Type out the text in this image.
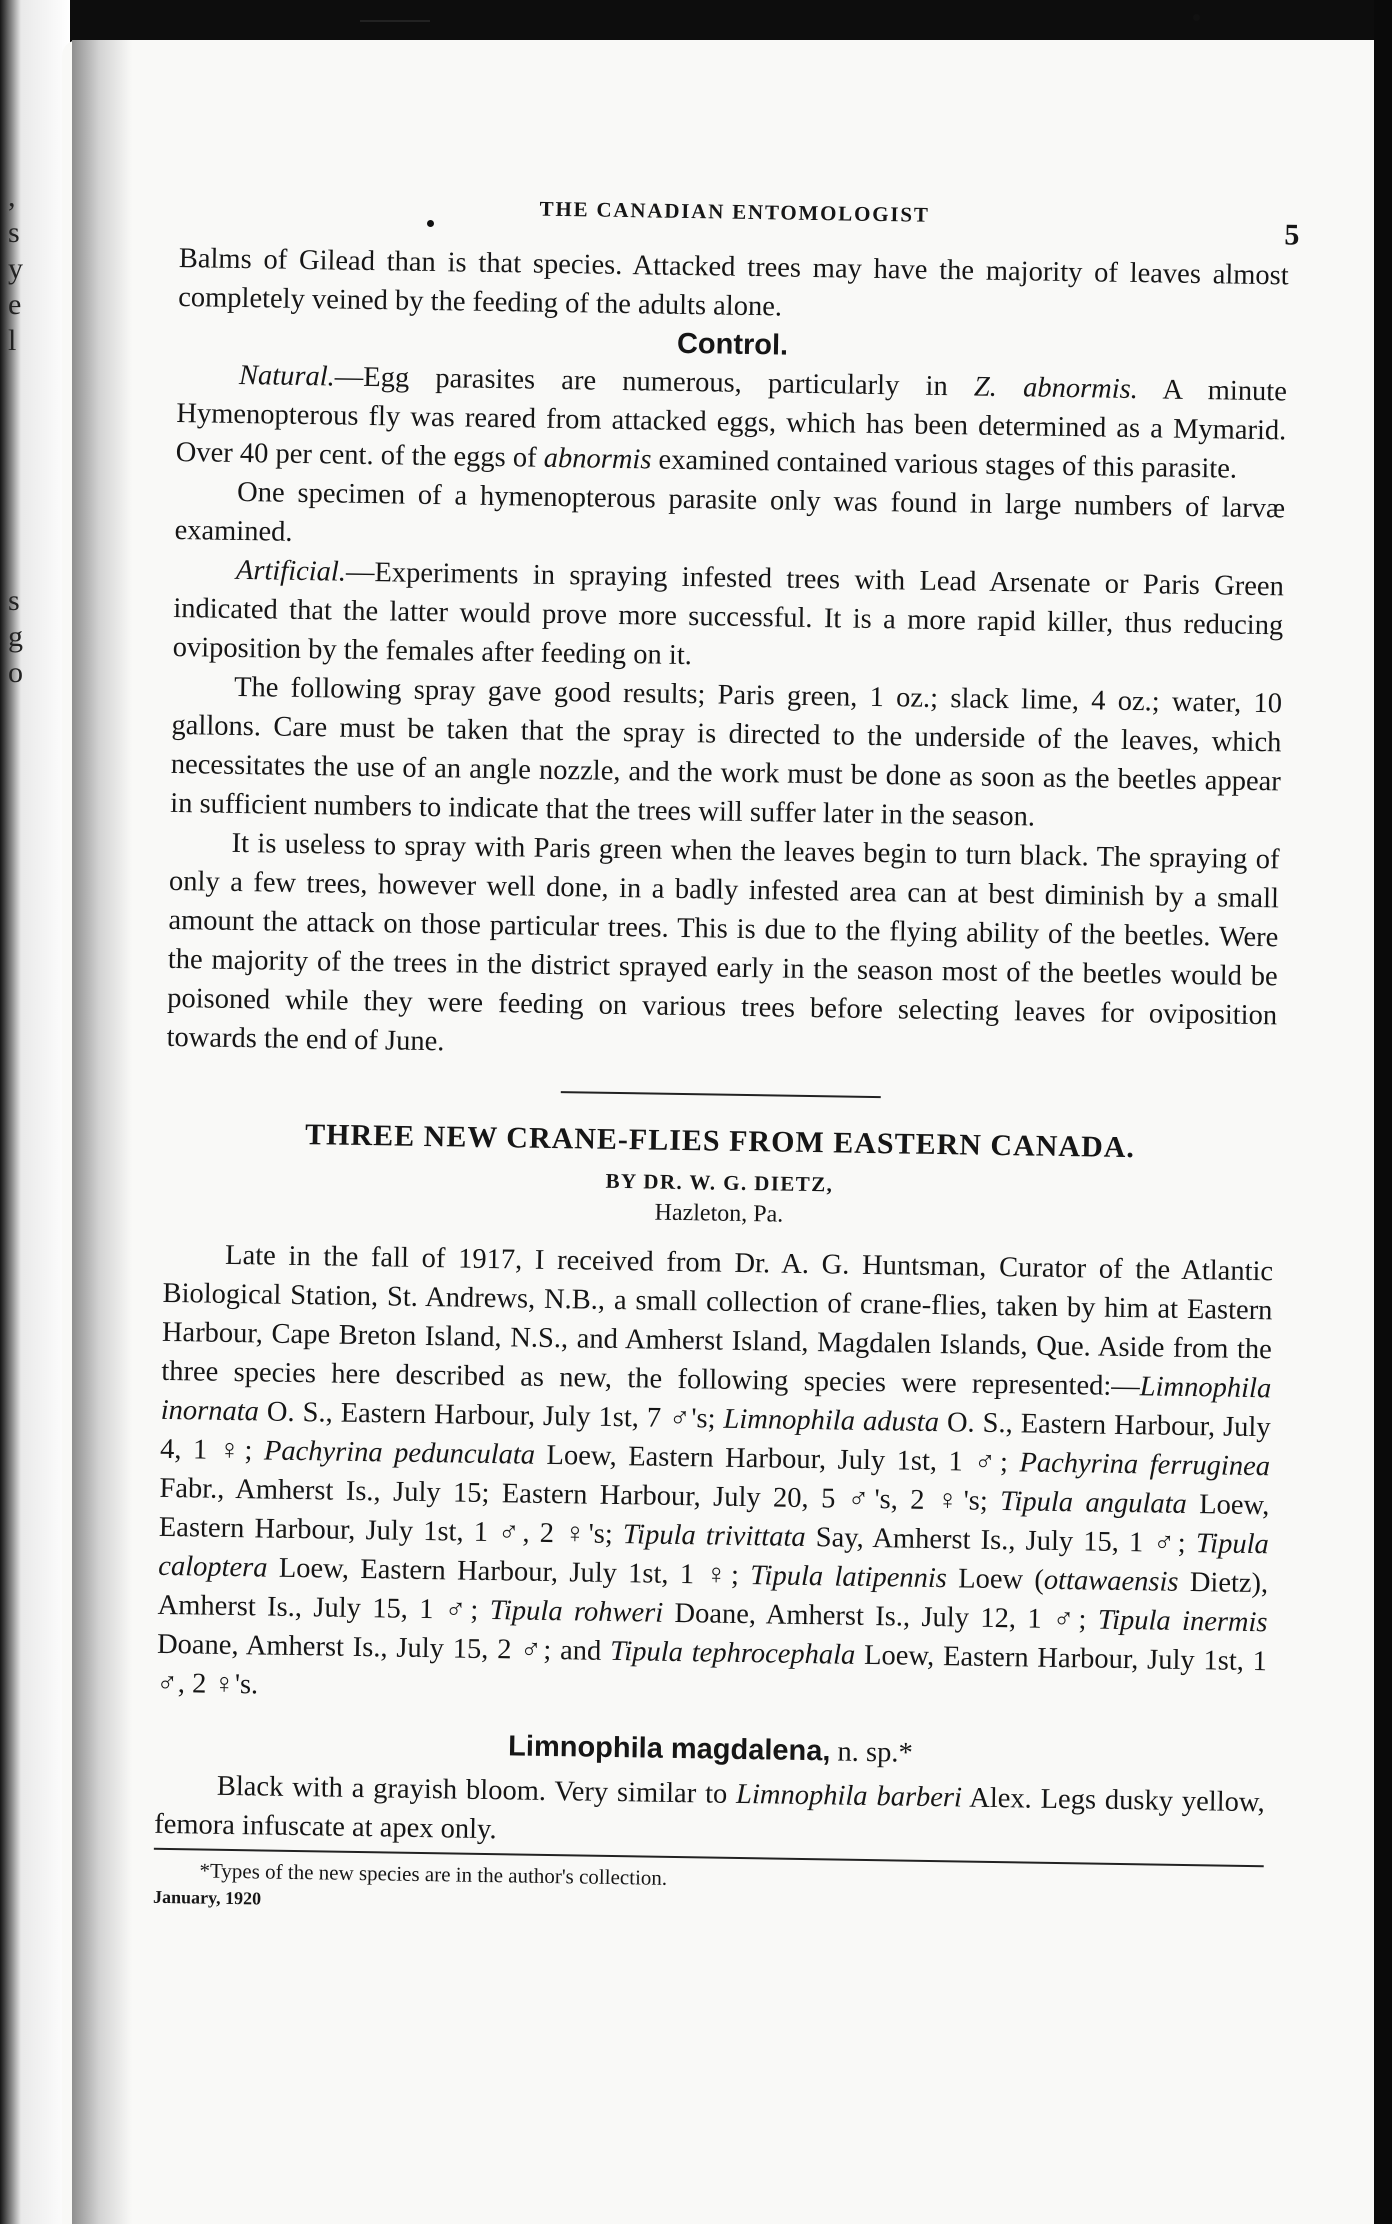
,
s
y
e
l
s
g
o
THE CANADIAN ENTOMOLOGIST
5

Balms of Gilead than is that species. Attacked trees may have the majority of leaves almost completely veined by the feeding of the adults alone.

Control.

Natural.—Egg parasites are numerous, particularly in Z. abnormis. A minute Hymenopterous fly was reared from attacked eggs, which has been determined as a Mymarid. Over 40 per cent. of the eggs of abnormis examined contained various stages of this parasite.

One specimen of a hymenopterous parasite only was found in large numbers of larvæ examined.

Artificial.—Experiments in spraying infested trees with Lead Arsenate or Paris Green indicated that the latter would prove more successful. It is a more rapid killer, thus reducing oviposition by the females after feeding on it.

The following spray gave good results; Paris green, 1 oz.; slack lime, 4 oz.; water, 10 gallons. Care must be taken that the spray is directed to the underside of the leaves, which necessitates the use of an angle nozzle, and the work must be done as soon as the beetles appear in sufficient numbers to indicate that the trees will suffer later in the season.

It is useless to spray with Paris green when the leaves begin to turn black. The spraying of only a few trees, however well done, in a badly infested area can at best diminish by a small amount the attack on those particular trees. This is due to the flying ability of the beetles. Were the majority of the trees in the district sprayed early in the season most of the beetles would be poisoned while they were feeding on various trees before selecting leaves for oviposition towards the end of June.

THREE NEW CRANE-FLIES FROM EASTERN CANADA.

BY DR. W. G. DIETZ,

Hazleton, Pa.

Late in the fall of 1917, I received from Dr. A. G. Huntsman, Curator of the Atlantic Biological Station, St. Andrews, N.B., a small collection of crane-flies, taken by him at Eastern Harbour, Cape Breton Island, N.S., and Amherst Island, Magdalen Islands, Que. Aside from the three species here described as new, the following species were represented:—Limnophila inornata O. S., Eastern Harbour, July 1st, 7 ♂'s; Limnophila adusta O. S., Eastern Harbour, July 4, 1 ♀; Pachyrina pedunculata Loew, Eastern Harbour, July 1st, 1 ♂; Pachyrina ferruginea Fabr., Amherst Is., July 15; Eastern Harbour, July 20, 5 ♂'s, 2 ♀'s; Tipula angulata Loew, Eastern Harbour, July 1st, 1 ♂, 2 ♀'s; Tipula trivittata Say, Amherst Is., July 15, 1 ♂; Tipula caloptera Loew, Eastern Harbour, July 1st, 1 ♀; Tipula latipennis Loew (ottawaensis Dietz), Amherst Is., July 15, 1 ♂; Tipula rohweri Doane, Amherst Is., July 12, 1 ♂; Tipula inermis Doane, Amherst Is., July 15, 2 ♂; and Tipula tephrocephala Loew, Eastern Harbour, July 1st, 1 ♂, 2 ♀'s.

Limnophila magdalena, n. sp.*

Black with a grayish bloom. Very similar to Limnophila barberi Alex. Legs dusky yellow, femora infuscate at apex only.

*Types of the new species are in the author's collection.

January, 1920
